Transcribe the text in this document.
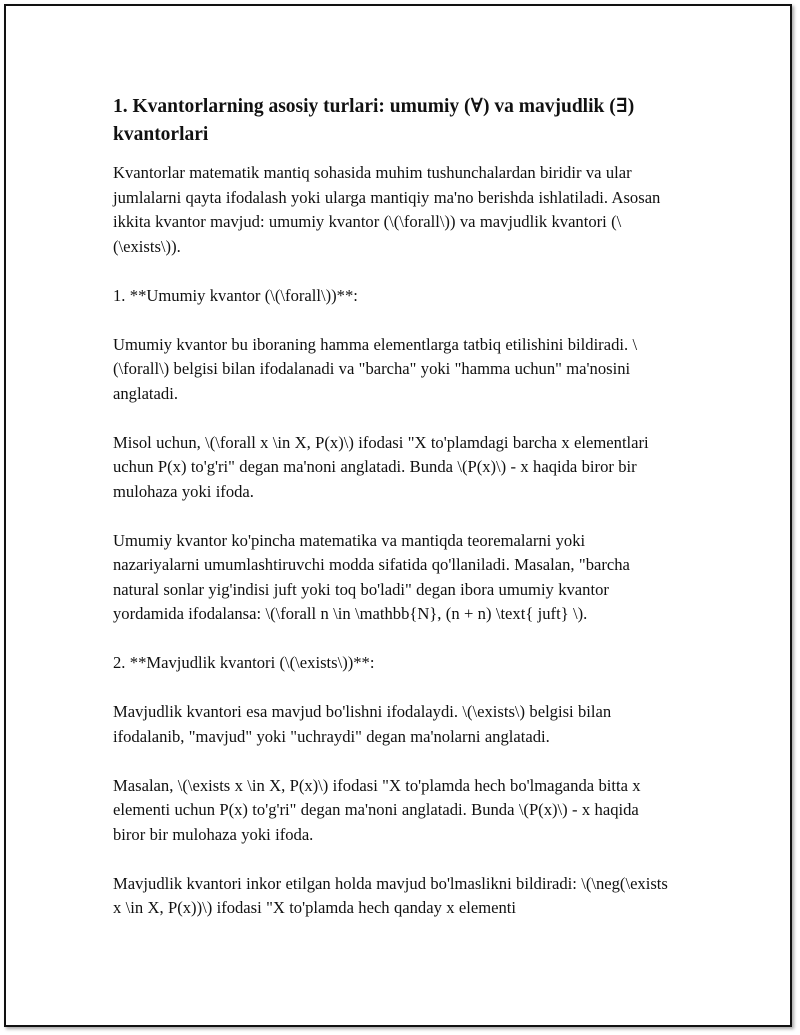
1. Kvantorlarning asosiy turlari: umumiy (∀) va mavjudlik (∃) kvantorlari

Kvantorlar matematik mantiq sohasida muhim tushunchalardan biridir va ular jumlalarni qayta ifodalash yoki ularga mantiqiy ma'no berishda ishlatiladi. Asosan ikkita kvantor mavjud: umumiy kvantor (\(\forall\)) va mavjudlik kvantori (\(\exists\)).

1. **Umumiy kvantor (\(\forall\))**:

Umumiy kvantor bu iboraning hamma elementlarga tatbiq etilishini bildiradi. \(\forall\) belgisi bilan ifodalanadi va "barcha" yoki "hamma uchun" ma'nosini anglatadi.

Misol uchun, \(\forall x \in X, P(x)\) ifodasi "X to'plamdagi barcha x elementlari uchun P(x) to'g'ri" degan ma'noni anglatadi. Bunda \(P(x)\) - x haqida biror bir mulohaza yoki ifoda.

Umumiy kvantor ko'pincha matematika va mantiqda teoremalarni yoki nazariyalarni umumlashtiruvchi modda sifatida qo'llaniladi. Masalan, "barcha natural sonlar yig'indisi juft yoki toq bo'ladi" degan ibora umumiy kvantor yordamida ifodalansa: \(\forall n \in \mathbb{N}, (n + n) \text{ juft} \).

2. **Mavjudlik kvantori (\(\exists\))**:

Mavjudlik kvantori esa mavjud bo'lishni ifodalaydi. \(\exists\) belgisi bilan ifodalanib, "mavjud" yoki "uchraydi" degan ma'nolarni anglatadi.

Masalan, \(\exists x \in X, P(x)\) ifodasi "X to'plamda hech bo'lmaganda bitta x elementi uchun P(x) to'g'ri" degan ma'noni anglatadi. Bunda \(P(x)\) - x haqida biror bir mulohaza yoki ifoda.

Mavjudlik kvantori inkor etilgan holda mavjud bo'lmaslikni bildiradi: \(\neg(\exists x \in X, P(x))\) ifodasi "X to'plamda hech qanday x elementi
